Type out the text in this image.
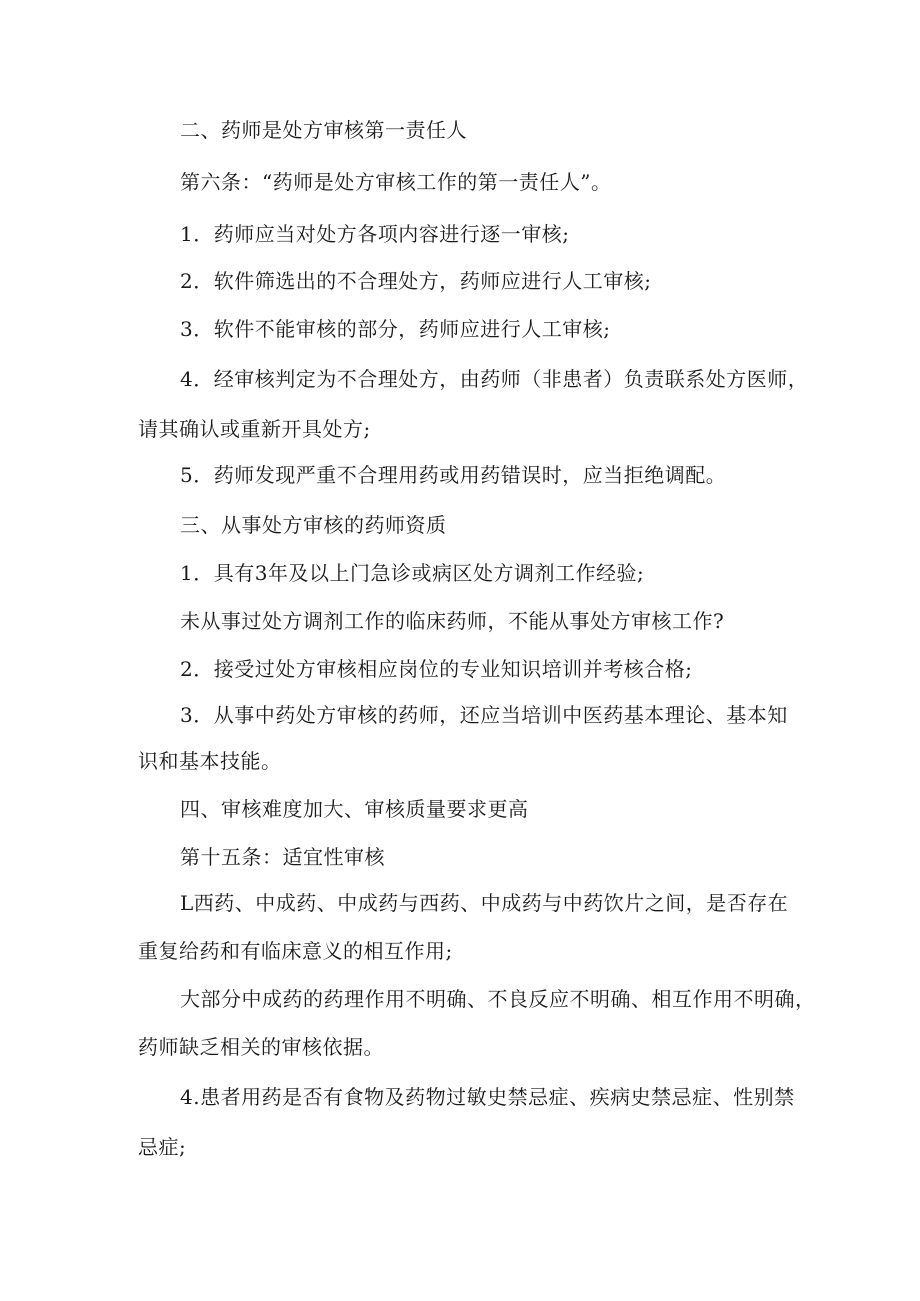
二、药师是处方审核第一责任人
第六条：“药师是处方审核工作的第一责任人”。
1．药师应当对处方各项内容进行逐一审核;
2．软件筛选出的不合理处方，药师应进行人工审核;
3．软件不能审核的部分，药师应进行人工审核;
4．经审核判定为不合理处方，由药师（非患者）负责联系处方医师，
请其确认或重新开具处方;
5．药师发现严重不合理用药或用药错误时，应当拒绝调配。
三、从事处方审核的药师资质
1．具有3年及以上门急诊或病区处方调剂工作经验;
未从事过处方调剂工作的临床药师，不能从事处方审核工作?
2．接受过处方审核相应岗位的专业知识培训并考核合格;
3．从事中药处方审核的药师，还应当培训中医药基本理论、基本知
识和基本技能。
四、审核难度加大、审核质量要求更高
第十五条：适宜性审核
L西药、中成药、中成药与西药、中成药与中药饮片之间，是否存在
重复给药和有临床意义的相互作用;
大部分中成药的药理作用不明确、不良反应不明确、相互作用不明确，
药师缺乏相关的审核依据。
4.患者用药是否有食物及药物过敏史禁忌症、疾病史禁忌症、性别禁
忌症;
